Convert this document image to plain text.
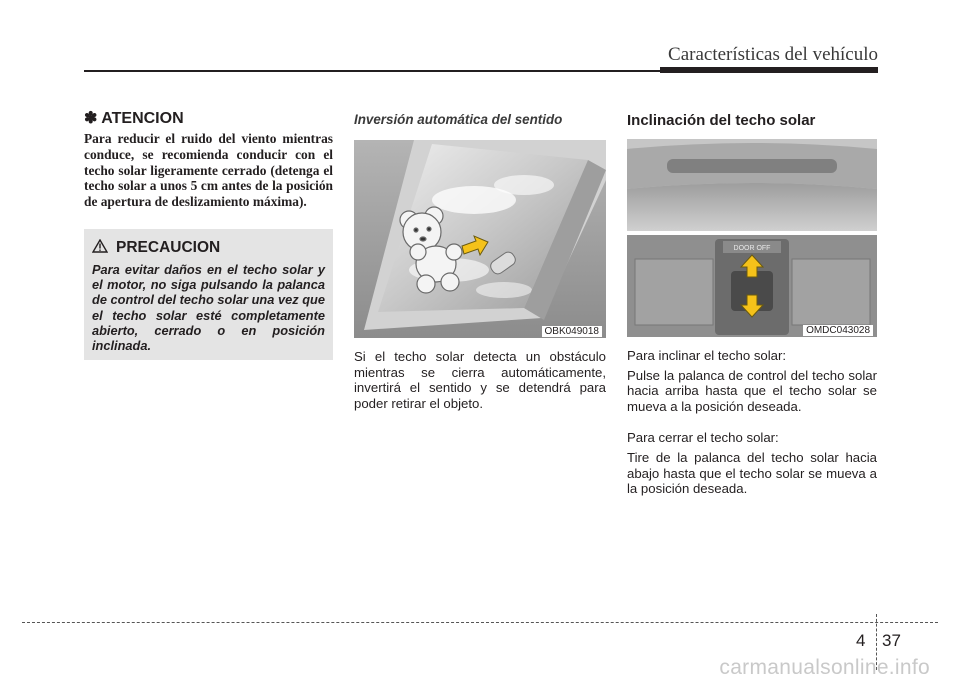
Características del vehículo
✽ ATENCION
Para reducir el ruido del viento mientras conduce, se recomienda conducir con el techo solar ligeramente cerrado (detenga el techo solar a unos 5 cm antes de la posición de apertura de deslizamiento máxima).
PRECAUCION
Para evitar daños en el techo solar y el motor, no siga pulsando la palanca de control del techo solar una vez que el techo solar esté completamente abierto, cerrado o en posición inclinada.
Inversión automática del sentido
OBK049018
Si el techo solar detecta un obstáculo mientras se cierra automáticamente, invertirá el sentido y se detendrá para poder retirar el objeto.
Inclinación del techo solar
DOOR OFF
OMDC043028
Para inclinar el techo solar:
Pulse la palanca de control del techo solar hacia arriba hasta que el techo solar se mueva a la posición deseada.
Para cerrar el techo solar:
Tire de la palanca del techo solar hacia abajo hasta que el techo solar se mueva a la posición deseada.
4 37
carmanualsonline.info
